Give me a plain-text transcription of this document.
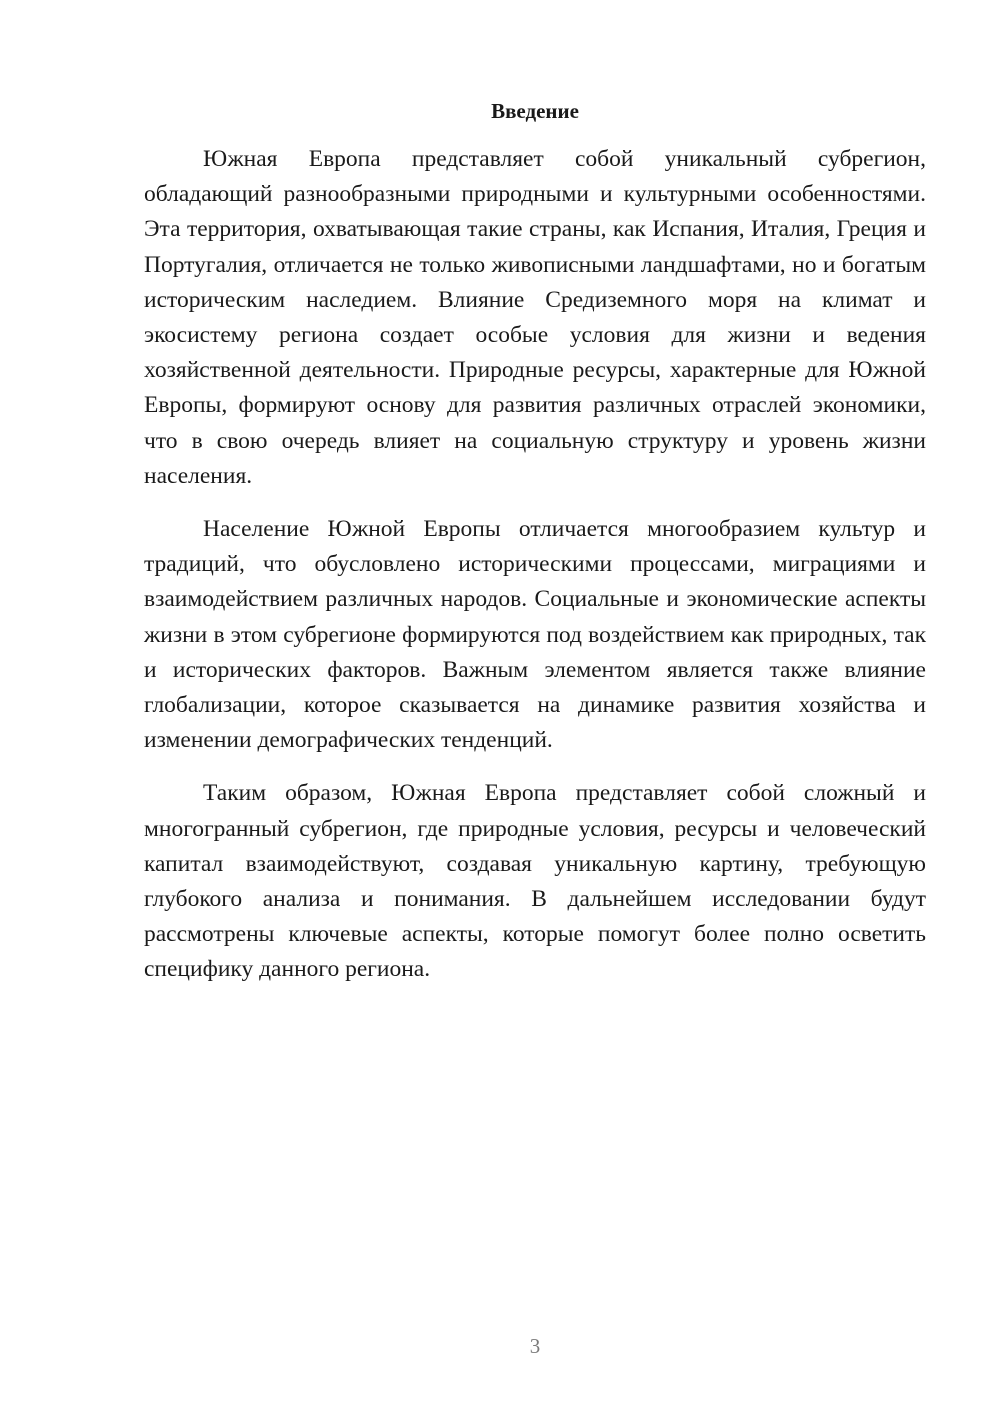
Введение

Южная Европа представляет собой уникальный субрегион, обладающий разнообразными природными и культурными особенностями. Эта территория, охватывающая такие страны, как Испания, Италия, Греция и Португалия, отличается не только живописными ландшафтами, но и богатым историческим наследием. Влияние Средиземного моря на климат и экосистему региона создает особые условия для жизни и ведения хозяйственной деятельности. Природные ресурсы, характерные для Южной Европы, формируют основу для развития различных отраслей экономики, что в свою очередь влияет на социальную структуру и уровень жизни населения.

Население Южной Европы отличается многообразием культур и традиций, что обусловлено историческими процессами, миграциями и взаимодействием различных народов. Социальные и экономические аспекты жизни в этом субрегионе формируются под воздействием как природных, так и исторических факторов. Важным элементом является также влияние глобализации, которое сказывается на динамике развития хозяйства и изменении демографических тенденций.

Таким образом, Южная Европа представляет собой сложный и многогранный субрегион, где природные условия, ресурсы и человеческий капитал взаимодействуют, создавая уникальную картину, требующую глубокого анализа и понимания. В дальнейшем исследовании будут рассмотрены ключевые аспекты, которые помогут более полно осветить специфику данного региона.

3
